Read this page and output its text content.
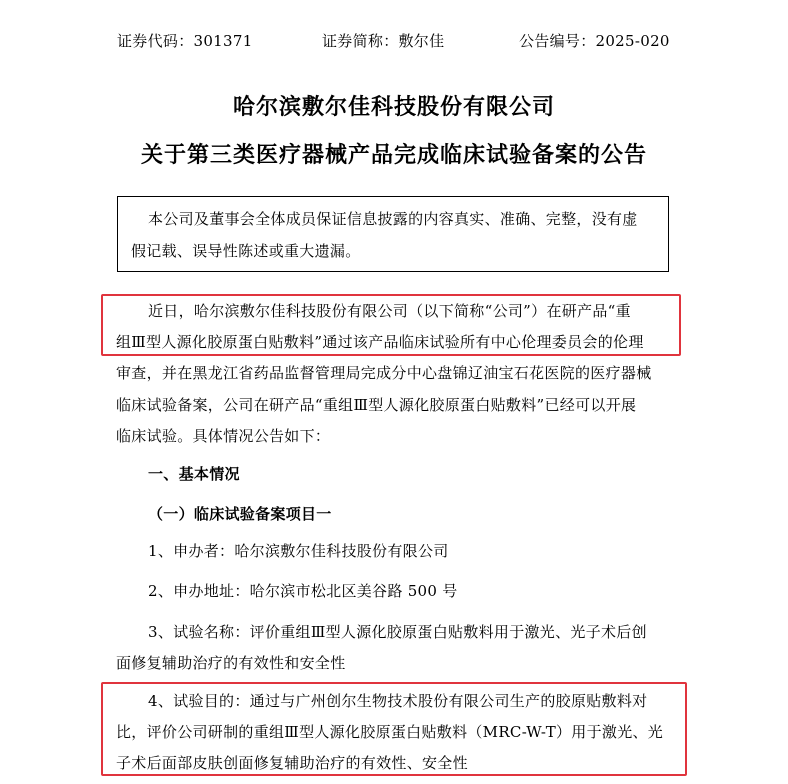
证券代码：301371	证券简称：敷尔佳	公告编号：2025-020
哈尔滨敷尔佳科技股份有限公司
关于第三类医疗器械产品完成临床试验备案的公告
本公司及董事会全体成员保证信息披露的内容真实、准确、完整，没有虚
假记载、误导性陈述或重大遗漏。
近日，哈尔滨敷尔佳科技股份有限公司（以下简称“公司”）在研产品“重
组Ⅲ型人源化胶原蛋白贴敷料”通过该产品临床试验所有中心伦理委员会的伦理
审查，并在黑龙江省药品监督管理局完成分中心盘锦辽油宝石花医院的医疗器械
临床试验备案，公司在研产品“重组Ⅲ型人源化胶原蛋白贴敷料”已经可以开展
临床试验。具体情况公告如下：
一、基本情况
（一）临床试验备案项目一
1、申办者：哈尔滨敷尔佳科技股份有限公司
2、申办地址：哈尔滨市松北区美谷路 500 号
3、试验名称：评价重组Ⅲ型人源化胶原蛋白贴敷料用于激光、光子术后创
面修复辅助治疗的有效性和安全性
4、试验目的：通过与广州创尔生物技术股份有限公司生产的胶原贴敷料对
比，评价公司研制的重组Ⅲ型人源化胶原蛋白贴敷料（MRC-W-T）用于激光、光
子术后面部皮肤创面修复辅助治疗的有效性、安全性
